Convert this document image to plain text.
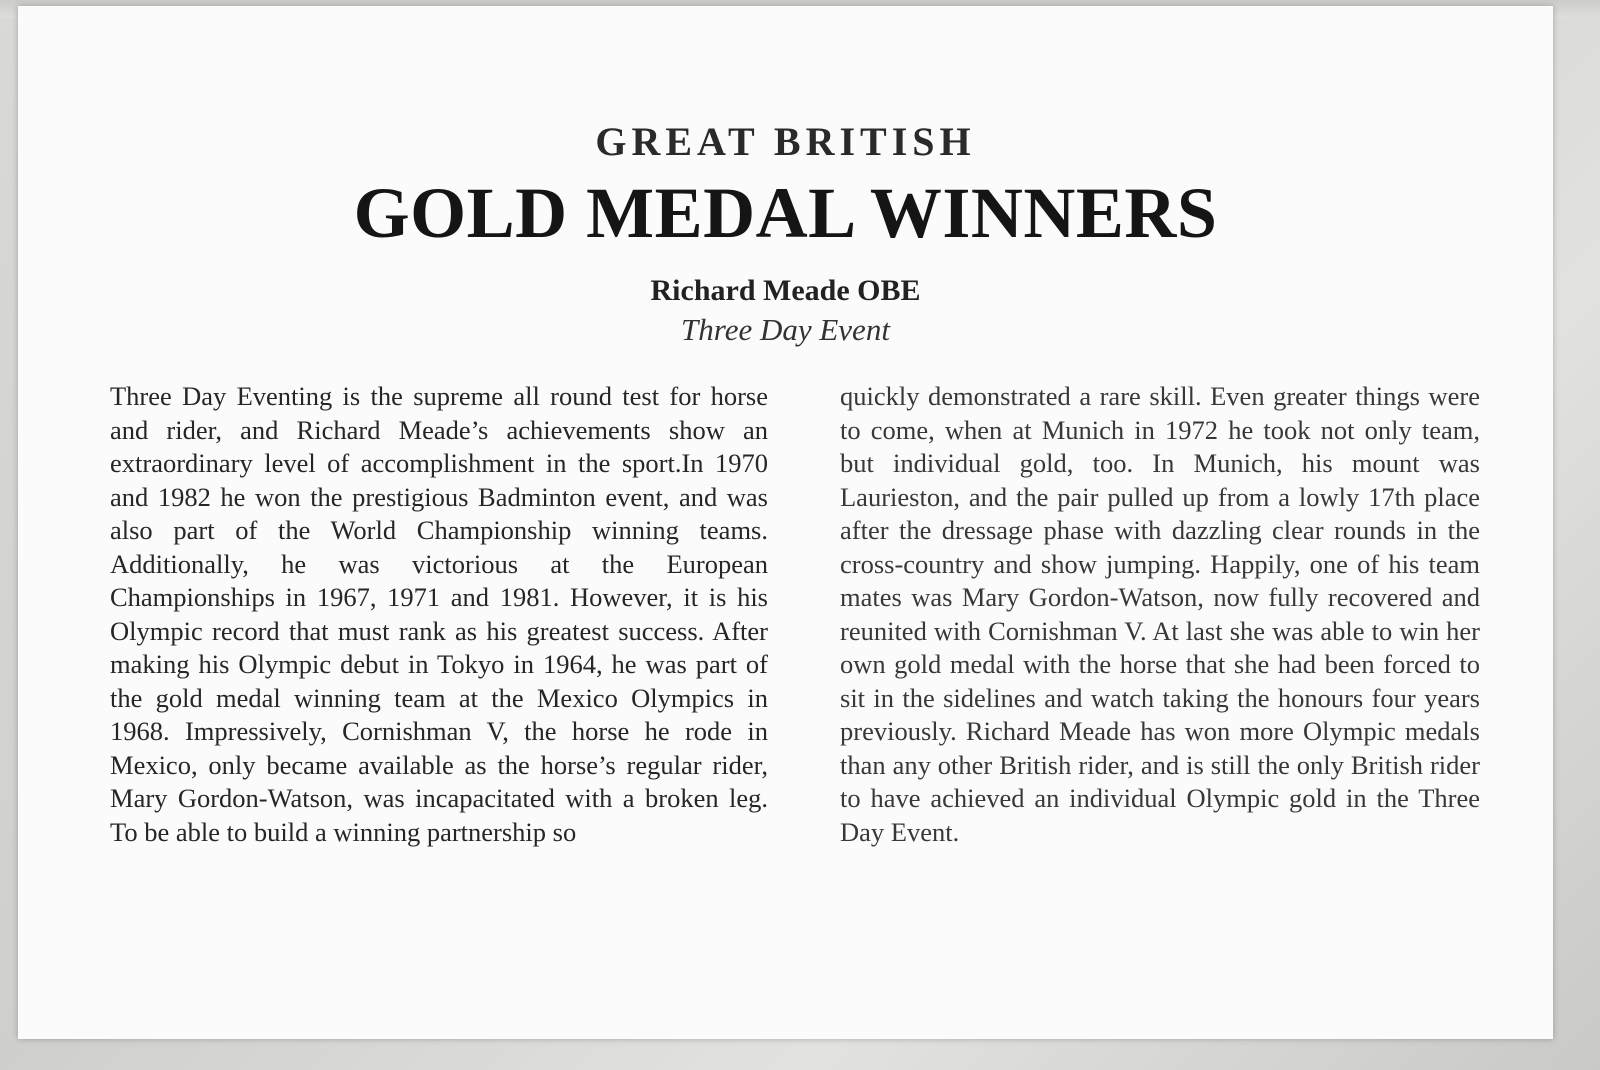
GREAT BRITISH
GOLD MEDAL WINNERS
Richard Meade OBE
Three Day Event

Three Day Eventing is the supreme all round test for horse and rider, and Richard Meade’s achievements show an extraordinary level of accomplishment in the sport.In 1970 and 1982 he won the prestigious Badminton event, and was also part of the World Championship winning teams. Additionally, he was victorious at the European Championships in 1967, 1971 and 1981. However, it is his Olympic record that must rank as his greatest success. After making his Olympic debut in Tokyo in 1964, he was part of the gold medal winning team at the Mexico Olympics in 1968. Impressively, Cornishman V, the horse he rode in Mexico, only became available as the horse’s regular rider, Mary Gordon-Watson, was incapacitated with a broken leg. To be able to build a winning partnership so

quickly demonstrated a rare skill. Even greater things were to come, when at Munich in 1972 he took not only team, but individual gold, too. In Munich, his mount was Laurieston, and the pair pulled up from a lowly 17th place after the dressage phase with dazzling clear rounds in the cross-country and show jumping. Happily, one of his team mates was Mary Gordon-Watson, now fully recovered and reunited with Cornishman V. At last she was able to win her own gold medal with the horse that she had been forced to sit in the sidelines and watch taking the honours four years previously. Richard Meade has won more Olympic medals than any other British rider, and is still the only British rider to have achieved an individual Olympic gold in the Three Day Event.
